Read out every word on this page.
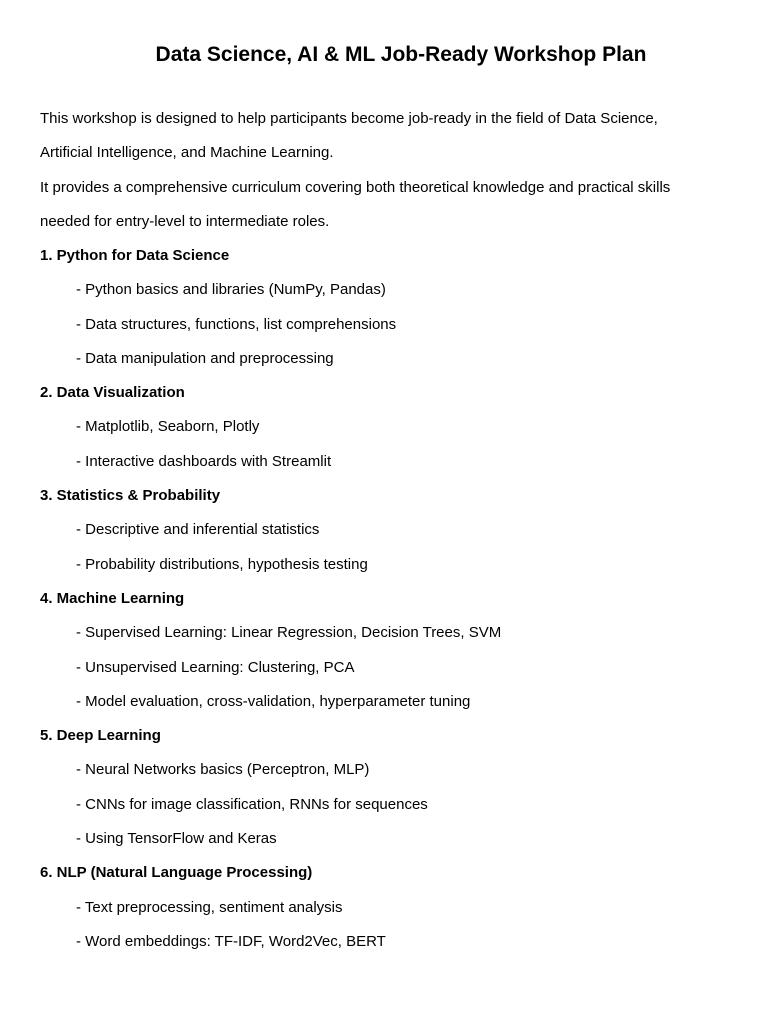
Data Science, AI & ML Job-Ready Workshop Plan
This workshop is designed to help participants become job-ready in the field of Data Science,
Artificial Intelligence, and Machine Learning.
It provides a comprehensive curriculum covering both theoretical knowledge and practical skills
needed for entry-level to intermediate roles.
1. Python for Data Science
- Python basics and libraries (NumPy, Pandas)
- Data structures, functions, list comprehensions
- Data manipulation and preprocessing
2. Data Visualization
- Matplotlib, Seaborn, Plotly
- Interactive dashboards with Streamlit
3. Statistics & Probability
- Descriptive and inferential statistics
- Probability distributions, hypothesis testing
4. Machine Learning
- Supervised Learning: Linear Regression, Decision Trees, SVM
- Unsupervised Learning: Clustering, PCA
- Model evaluation, cross-validation, hyperparameter tuning
5. Deep Learning
- Neural Networks basics (Perceptron, MLP)
- CNNs for image classification, RNNs for sequences
- Using TensorFlow and Keras
6. NLP (Natural Language Processing)
- Text preprocessing, sentiment analysis
- Word embeddings: TF-IDF, Word2Vec, BERT
